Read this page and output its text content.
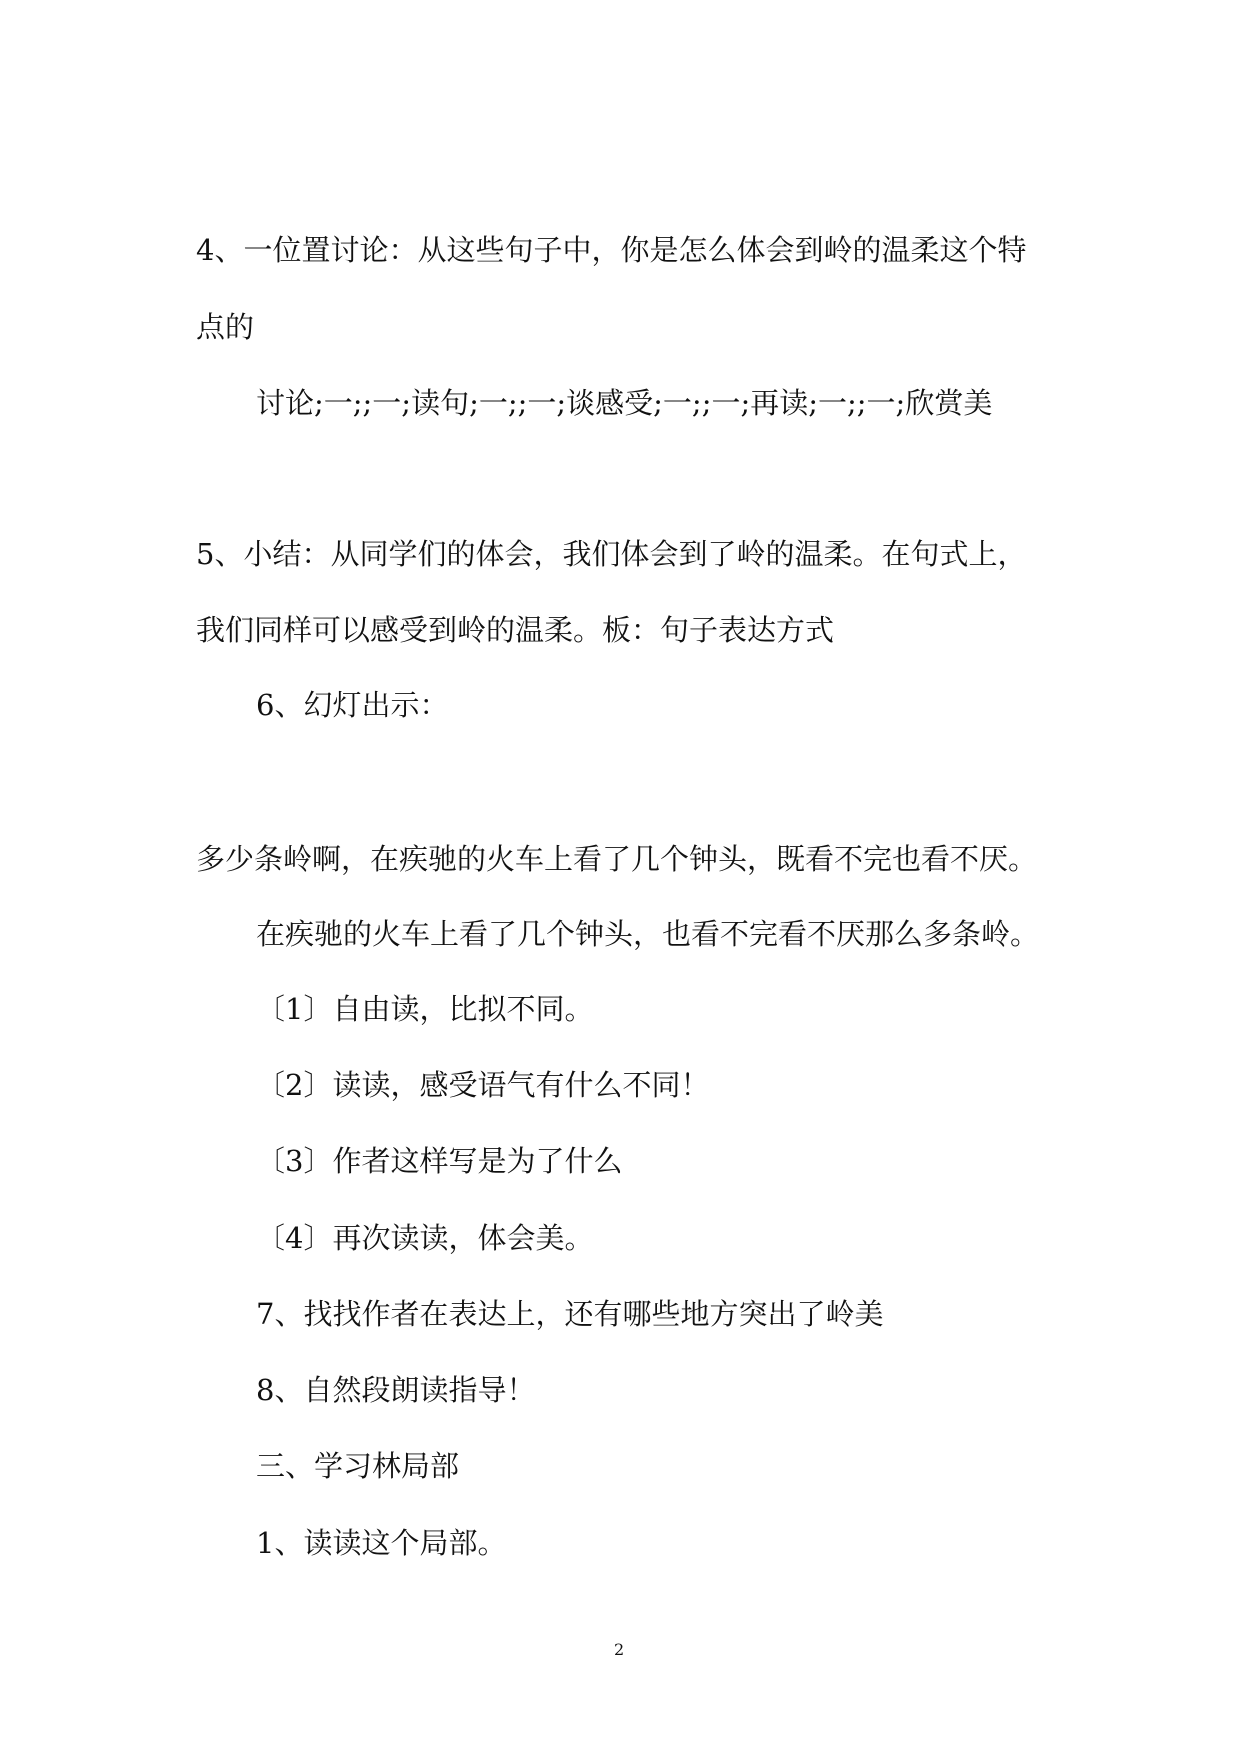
4、一位置讨论：从这些句子中，你是怎么体会到岭的温柔这个特
点的
讨论;一;;一;读句;一;;一;谈感受;一;;一;再读;一;;一;欣赏美
5、小结：从同学们的体会，我们体会到了岭的温柔。在句式上，
我们同样可以感受到岭的温柔。板：句子表达方式
6、幻灯出示：
多少条岭啊，在疾驰的火车上看了几个钟头，既看不完也看不厌。
在疾驰的火车上看了几个钟头，也看不完看不厌那么多条岭。
〔1〕自由读，比拟不同。
〔2〕读读，感受语气有什么不同！
〔3〕作者这样写是为了什么
〔4〕再次读读，体会美。
7、找找作者在表达上，还有哪些地方突出了岭美
8、自然段朗读指导！
三、学习林局部
1、读读这个局部。
2
